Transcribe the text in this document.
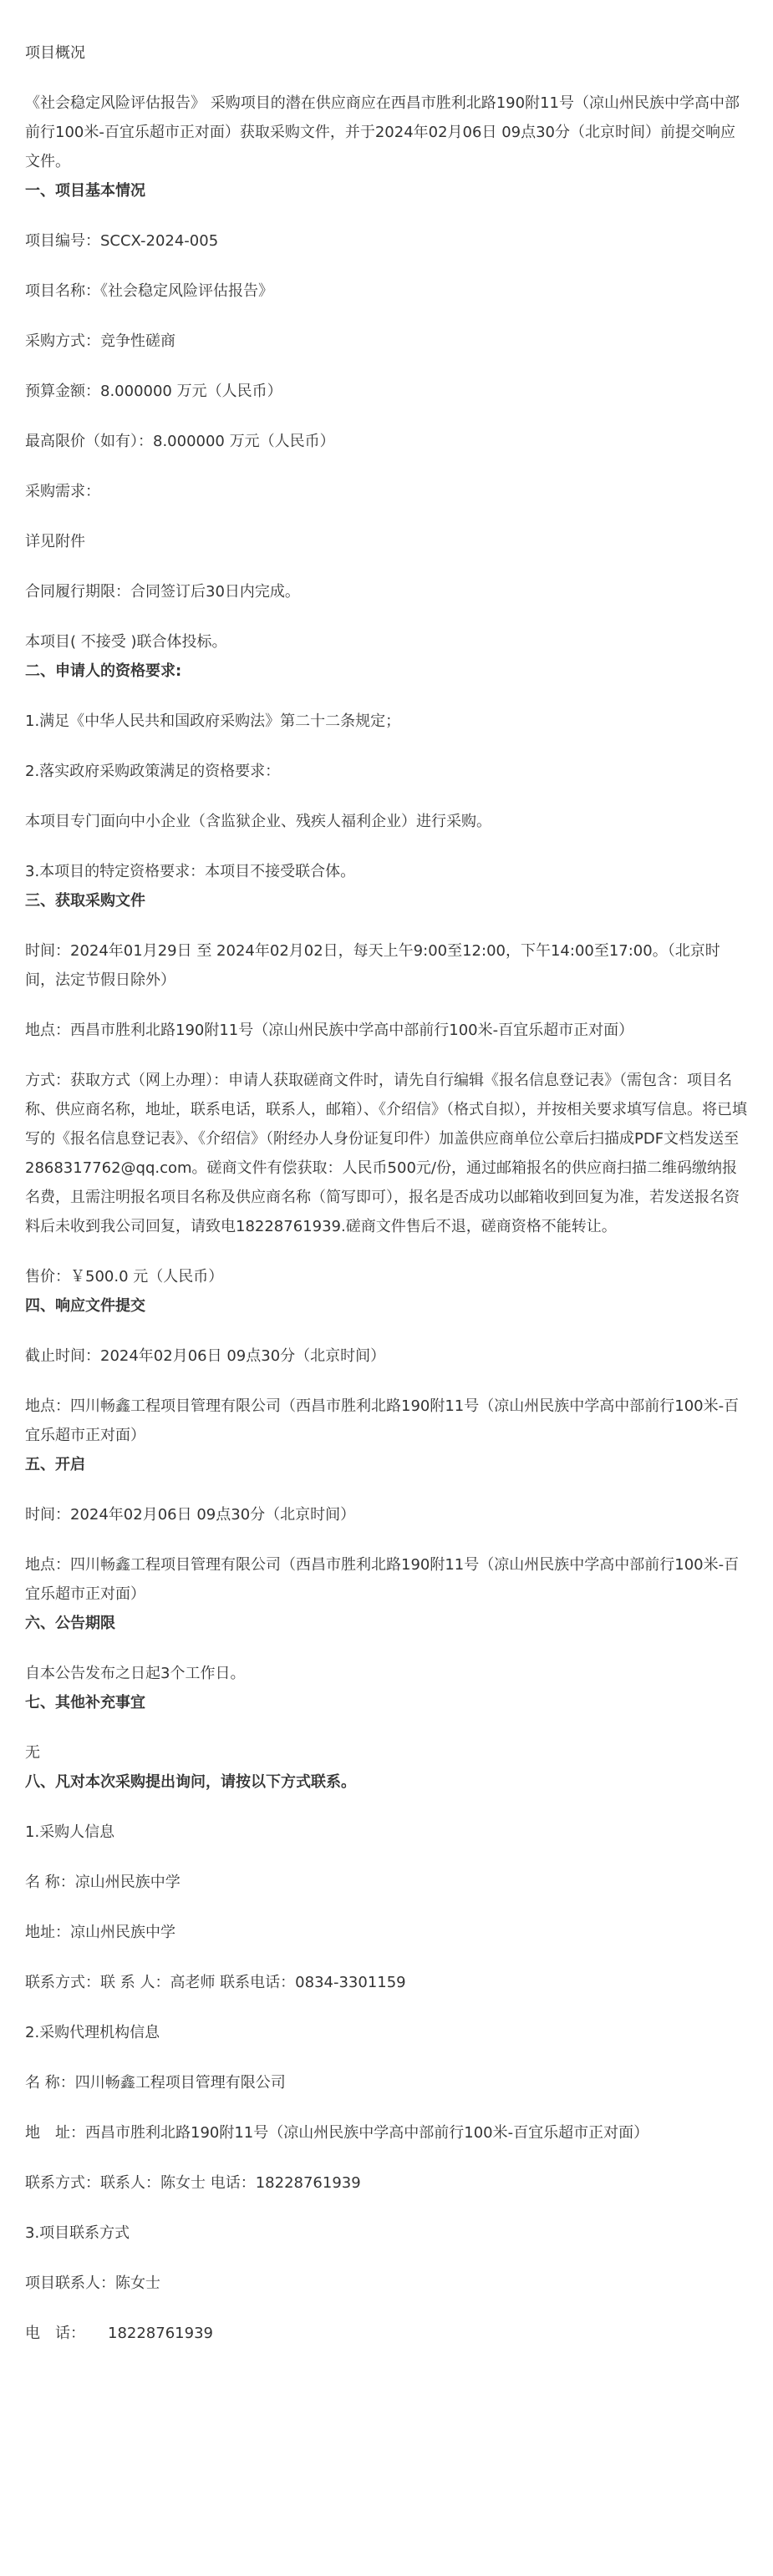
项目概况

《社会稳定风险评估报告》 采购项目的潜在供应商应在西昌市胜利北路190附11号（凉山州民族中学高中部前行100米-百宜乐超市正对面）获取采购文件，并于2024年02月06日 09点30分（北京时间）前提交响应文件。

一、项目基本情况

项目编号：SCCX-2024-005

项目名称：《社会稳定风险评估报告》

采购方式：竞争性磋商

预算金额：8.000000 万元（人民币）

最高限价（如有）：8.000000 万元（人民币）

采购需求：

详见附件

合同履行期限：合同签订后30日内完成。

本项目( 不接受 )联合体投标。

二、申请人的资格要求:

1.满足《中华人民共和国政府采购法》第二十二条规定；

2.落实政府采购政策满足的资格要求：

本项目专门面向中小企业（含监狱企业、残疾人福利企业）进行采购。

3.本项目的特定资格要求：本项目不接受联合体。

三、获取采购文件

时间：2024年01月29日 至 2024年02月02日，每天上午9:00至12:00，下午14:00至17:00。（北京时间，法定节假日除外）

地点：西昌市胜利北路190附11号（凉山州民族中学高中部前行100米-百宜乐超市正对面）

方式：获取方式（网上办理）：申请人获取磋商文件时，请先自行编辑《报名信息登记表》（需包含：项目名称、供应商名称，地址，联系电话，联系人，邮箱）、《介绍信》（格式自拟），并按相关要求填写信息。将已填写的《报名信息登记表》、《介绍信》（附经办人身份证复印件）加盖供应商单位公章后扫描成PDF文档发送至2868317762@qq.com。磋商文件有偿获取：人民币500元/份，通过邮箱报名的供应商扫描二维码缴纳报名费，且需注明报名项目名称及供应商名称（简写即可），报名是否成功以邮箱收到回复为准，若发送报名资料后未收到我公司回复，请致电18228761939.磋商文件售后不退，磋商资格不能转让。

售价：￥500.0 元（人民币）

四、响应文件提交

截止时间：2024年02月06日 09点30分（北京时间）

地点：四川畅鑫工程项目管理有限公司（西昌市胜利北路190附11号（凉山州民族中学高中部前行100米-百宜乐超市正对面）

五、开启

时间：2024年02月06日 09点30分（北京时间）

地点：四川畅鑫工程项目管理有限公司（西昌市胜利北路190附11号（凉山州民族中学高中部前行100米-百宜乐超市正对面）

六、公告期限

自本公告发布之日起3个工作日。

七、其他补充事宜

无

八、凡对本次采购提出询问，请按以下方式联系。

1.采购人信息

名 称：凉山州民族中学

地址：凉山州民族中学

联系方式：联 系 人：高老师 联系电话：0834-3301159

2.采购代理机构信息

名 称：四川畅鑫工程项目管理有限公司

地　址：西昌市胜利北路190附11号（凉山州民族中学高中部前行100米-百宜乐超市正对面）

联系方式：联系人：陈女士 电话：18228761939

3.项目联系方式

项目联系人：陈女士

电　话：　　18228761939
